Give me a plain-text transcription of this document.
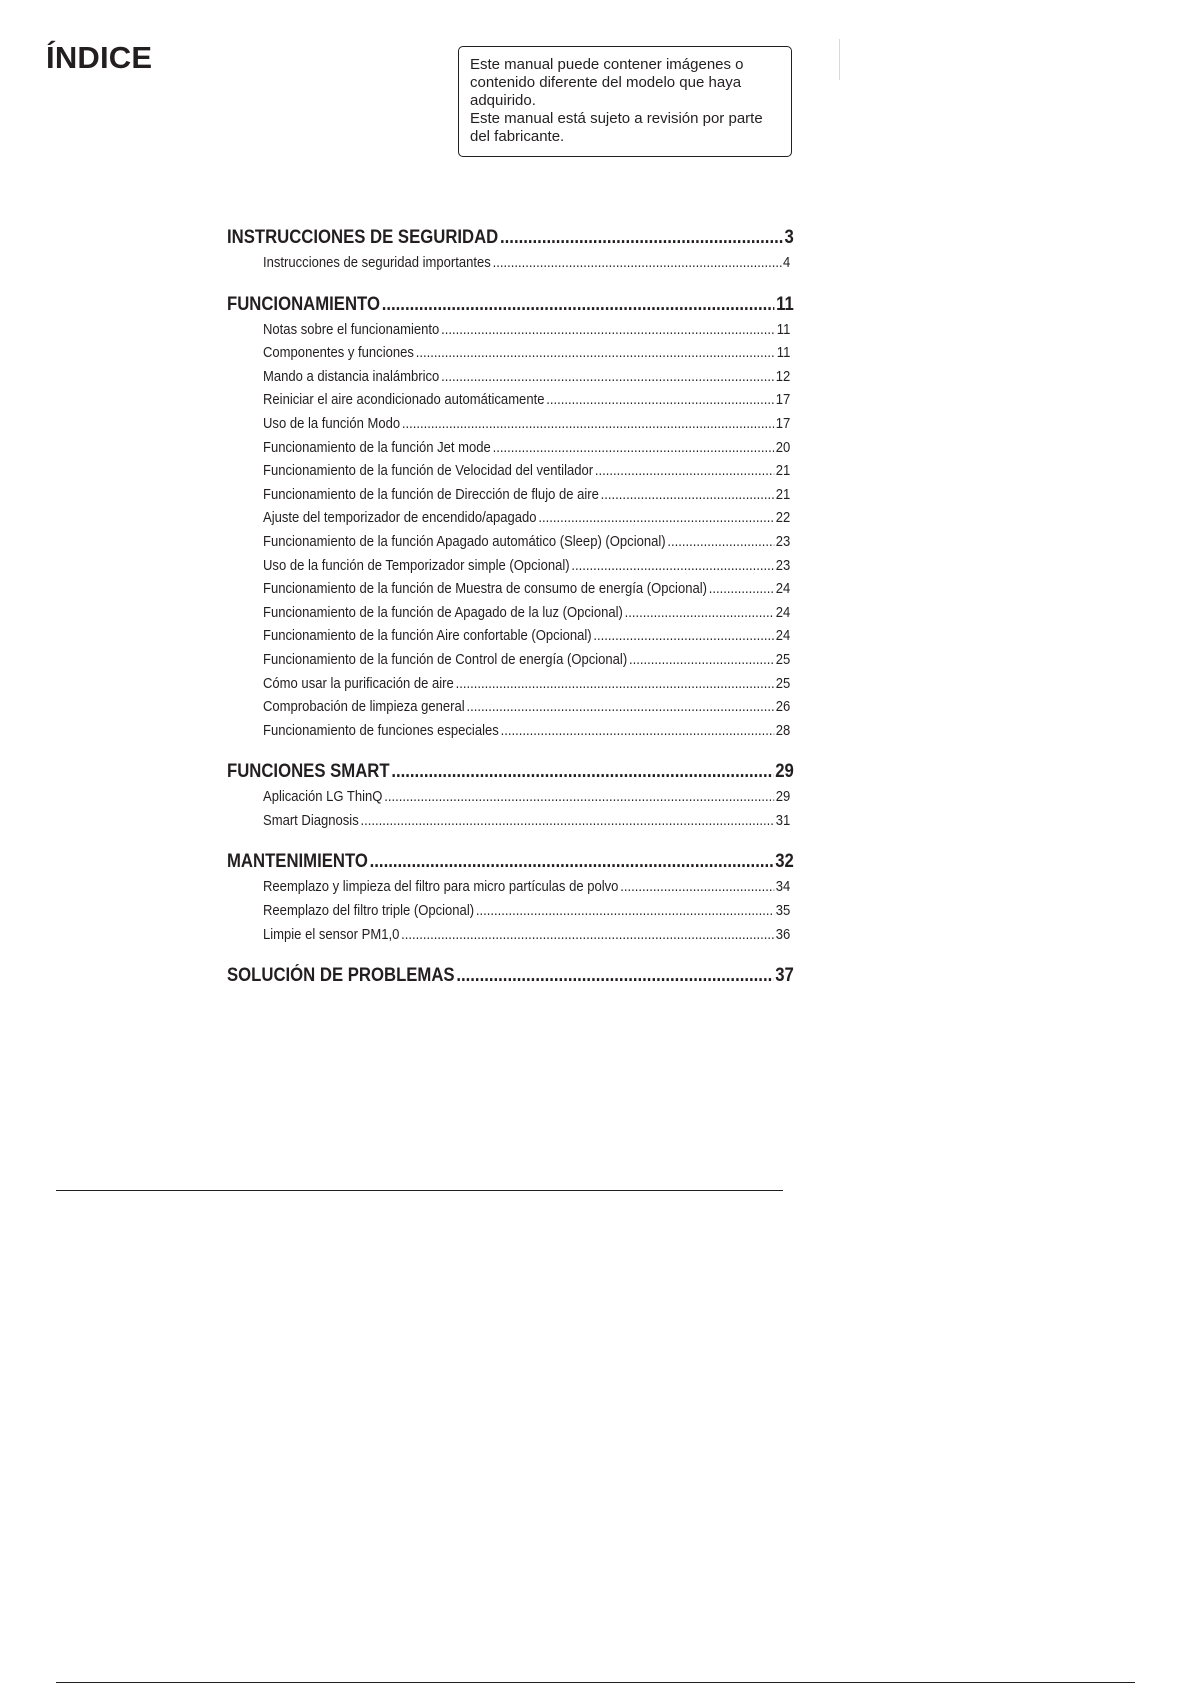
ÍNDICE	Este manual puede contener imágenes o contenido diferente del modelo que haya adquirido.

Este manual está sujeto a revisión por parte del fabricante.

INSTRUCCIONES DE SEGURIDAD .....	3
Instrucciones de seguridad importantes .....	4
FUNCIONAMIENTO .....	11
Notas sobre el funcionamiento .....	11
Componentes y funciones .....	11
Mando a distancia inalámbrico .....	12
Reiniciar el aire acondicionado automáticamente .....	17
Uso de la función Modo .....	17
Funcionamiento de la función Jet mode .....	20
Funcionamiento de la función de Velocidad del ventilador .....	21
Funcionamiento de la función de Dirección de flujo de aire .....	21
Ajuste del temporizador de encendido/apagado .....	22
Funcionamiento de la función Apagado automático (Sleep) (Opcional) .....	23
Uso de la función de Temporizador simple (Opcional) .....	23
Funcionamiento de la función de Muestra de consumo de energía (Opcional) .....	24
Funcionamiento de la función de Apagado de la luz (Opcional) .....	24
Funcionamiento de la función Aire confortable (Opcional) .....	24
Funcionamiento de la función de Control de energía (Opcional) .....	25
Cómo usar la purificación de aire .....	25
Comprobación de limpieza general .....	26
Funcionamiento de funciones especiales .....	28
FUNCIONES SMART .....	29
Aplicación LG ThinQ .....	29
Smart Diagnosis .....	31
MANTENIMIENTO .....	32
Reemplazo y limpieza del filtro para micro partículas de polvo .....	34
Reemplazo del filtro triple (Opcional) .....	35
Limpie el sensor PM1,0 .....	36
SOLUCIÓN DE PROBLEMAS .....	37
